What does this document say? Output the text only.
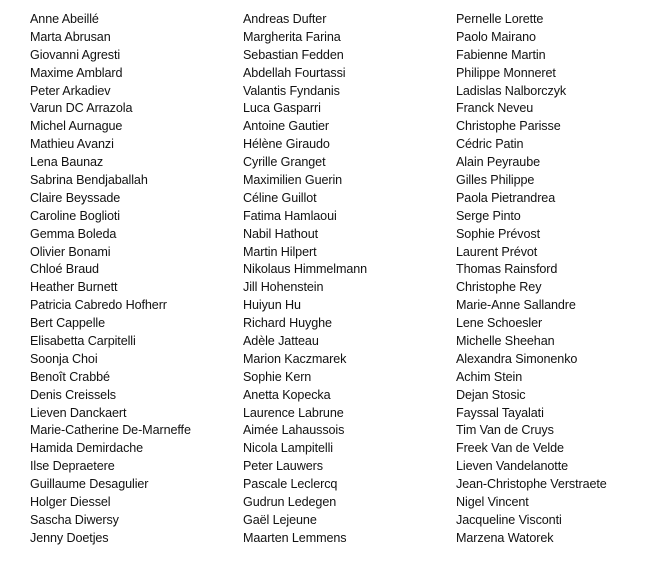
Anne Abeillé
Marta Abrusan
Giovanni Agresti
Maxime Amblard
Peter Arkadiev
Varun DC Arrazola
Michel Aurnague
Mathieu Avanzi
Lena Baunaz
Sabrina Bendjaballah
Claire Beyssade
Caroline Boglioti
Gemma Boleda
Olivier Bonami
Chloé Braud
Heather Burnett
Patricia Cabredo Hofherr
Bert Cappelle
Elisabetta Carpitelli
Soonja Choi
Benoît Crabbé
Denis Creissels
Lieven Danckaert
Marie-Catherine De-Marneffe
Hamida Demirdache
Ilse Depraetere
Guillaume Desagulier
Holger Diessel
Sascha Diwersy
Jenny Doetjes
Andreas Dufter
Margherita Farina
Sebastian Fedden
Abdellah Fourtassi
Valantis Fyndanis
Luca Gasparri
Antoine Gautier
Hélène Giraudo
Cyrille Granget
Maximilien Guerin
Céline Guillot
Fatima Hamlaoui
Nabil Hathout
Martin Hilpert
Nikolaus Himmelmann
Jill Hohenstein
Huiyun Hu
Richard Huyghe
Adèle Jatteau
Marion Kaczmarek
Sophie Kern
Anetta Kopecka
Laurence Labrune
Aimée Lahaussois
Nicola Lampitelli
Peter Lauwers
Pascale Leclercq
Gudrun Ledegen
Gaël Lejeune
Maarten Lemmens
Pernelle Lorette
Paolo Mairano
Fabienne Martin
Philippe Monneret
Ladislas Nalborczyk
Franck Neveu
Christophe Parisse
Cédric Patin
Alain Peyraube
Gilles Philippe
Paola Pietrandrea
Serge Pinto
Sophie Prévost
Laurent Prévot
Thomas Rainsford
Christophe Rey
Marie-Anne Sallandre
Lene Schoesler
Michelle Sheehan
Alexandra Simonenko
Achim Stein
Dejan Stosic
Fayssal Tayalati
Tim Van de Cruys
Freek Van de Velde
Lieven Vandelanotte
Jean-Christophe Verstraete
Nigel Vincent
Jacqueline Visconti
Marzena Watorek
